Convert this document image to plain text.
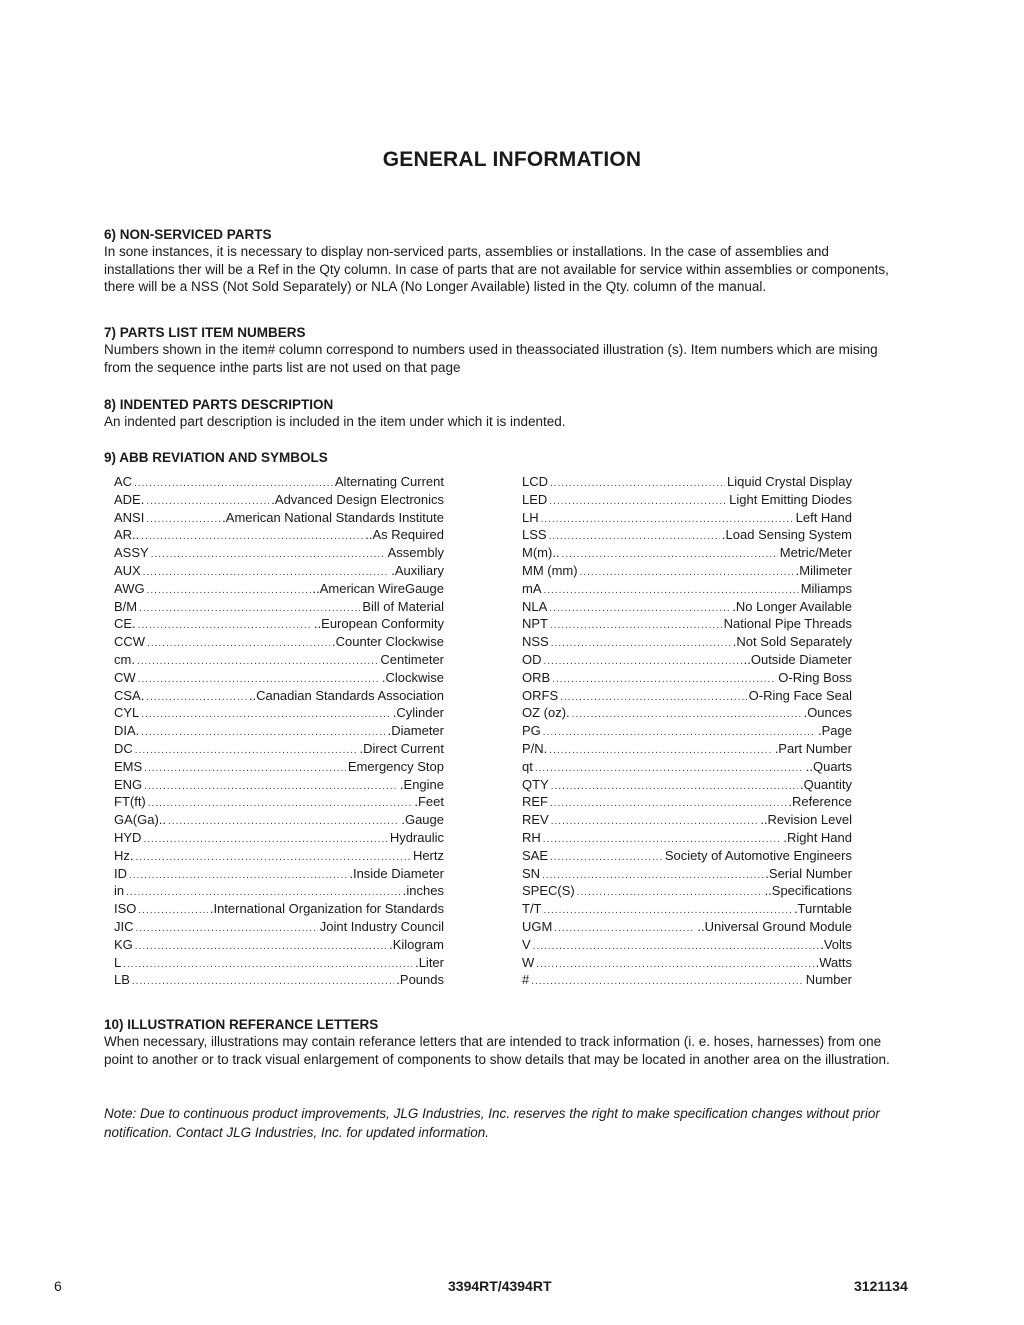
GENERAL INFORMATION
6) NON-SERVICED PARTS

In sone instances, it is necessary to display non-serviced parts, assemblies or installations. In the case of assemblies and installations ther will be a Ref in the Qty column. In case of parts that are not available for service within assemblies or components, there will be a NSS (Not Sold Separately) or NLA (No Longer Available) listed in the Qty. column of the manual.

7) PARTS LIST ITEM NUMBERS

Numbers shown in the item# column correspond to numbers used in theassociated illustration (s). Item numbers which are mising from the sequence inthe parts list are not used on that page

8) INDENTED PARTS DESCRIPTION

An indented part description is included in the item under which it is indented.

9) ABB REVIATION AND SYMBOLS
AC .....	Alternating Current
ADE. .....	.Advanced Design Electronics
ANSI .....	.American National Standards Institute
AR.. .....	..As Required
ASSY .....	Assembly
AUX .....	.Auxiliary
AWG .....	..American WireGauge
B/M .....	Bill of Material
CE. .....	..European Conformity
CCW .....	.Counter Clockwise
cm. .....	Centimeter
CW .....	.Clockwise
CSA. .....	..Canadian Standards Association
CYL .....	.Cylinder
DIA. .....	.Diameter
DC .....	.Direct Current
EMS .....	Emergency Stop
ENG .....	.Engine
FT(ft) .....	.Feet
GA(Ga).. .....	.Gauge
HYD .....	Hydraulic
Hz. .....	Hertz
ID .....	.Inside Diameter
in .....	.inches
ISO .....	.International Organization for Standards
JIC .....	Joint Industry Council
KG .....	.Kilogram
L .....	.Liter
LB .....	.Pounds
LCD .....	Liquid Crystal Display
LED .....	Light Emitting Diodes
LH .....	Left Hand
LSS .....	.Load Sensing System
M(m).. .....	Metric/Meter
MM (mm) .....	.Milimeter
mA .....	Miliamps
NLA .....	.No Longer Available
NPT .....	National Pipe Threads
NSS .....	.Not Sold Separately
OD .....	..Outside Diameter
ORB .....	O-Ring Boss
ORFS .....	O-Ring Face Seal
OZ (oz). .....	.Ounces
PG .....	.Page
P/N. .....	.Part Number
qt .....	..Quarts
QTY .....	.Quantity
REF .....	.Reference
REV .....	..Revision Level
RH .....	.Right Hand
SAE .....	Society of Automotive Engineers
SN .....	.Serial Number
SPEC(S) .....	..Specifications
T/T .....	.Turntable
UGM .....	..Universal Ground Module
V .....	.Volts
W .....	.Watts
# .....	Number
10) ILLUSTRATION REFERANCE LETTERS

When necessary, illustrations may contain referance letters that are intended to track information (i. e. hoses, harnesses) from one point to another or to track visual enlargement of components to show details that may be located in another area on the illustration.

Note: Due to continuous product improvements, JLG Industries, Inc. reserves the right to make specification changes without prior notification. Contact JLG Industries, Inc. for updated information.
6	3394RT/4394RT	3121134
